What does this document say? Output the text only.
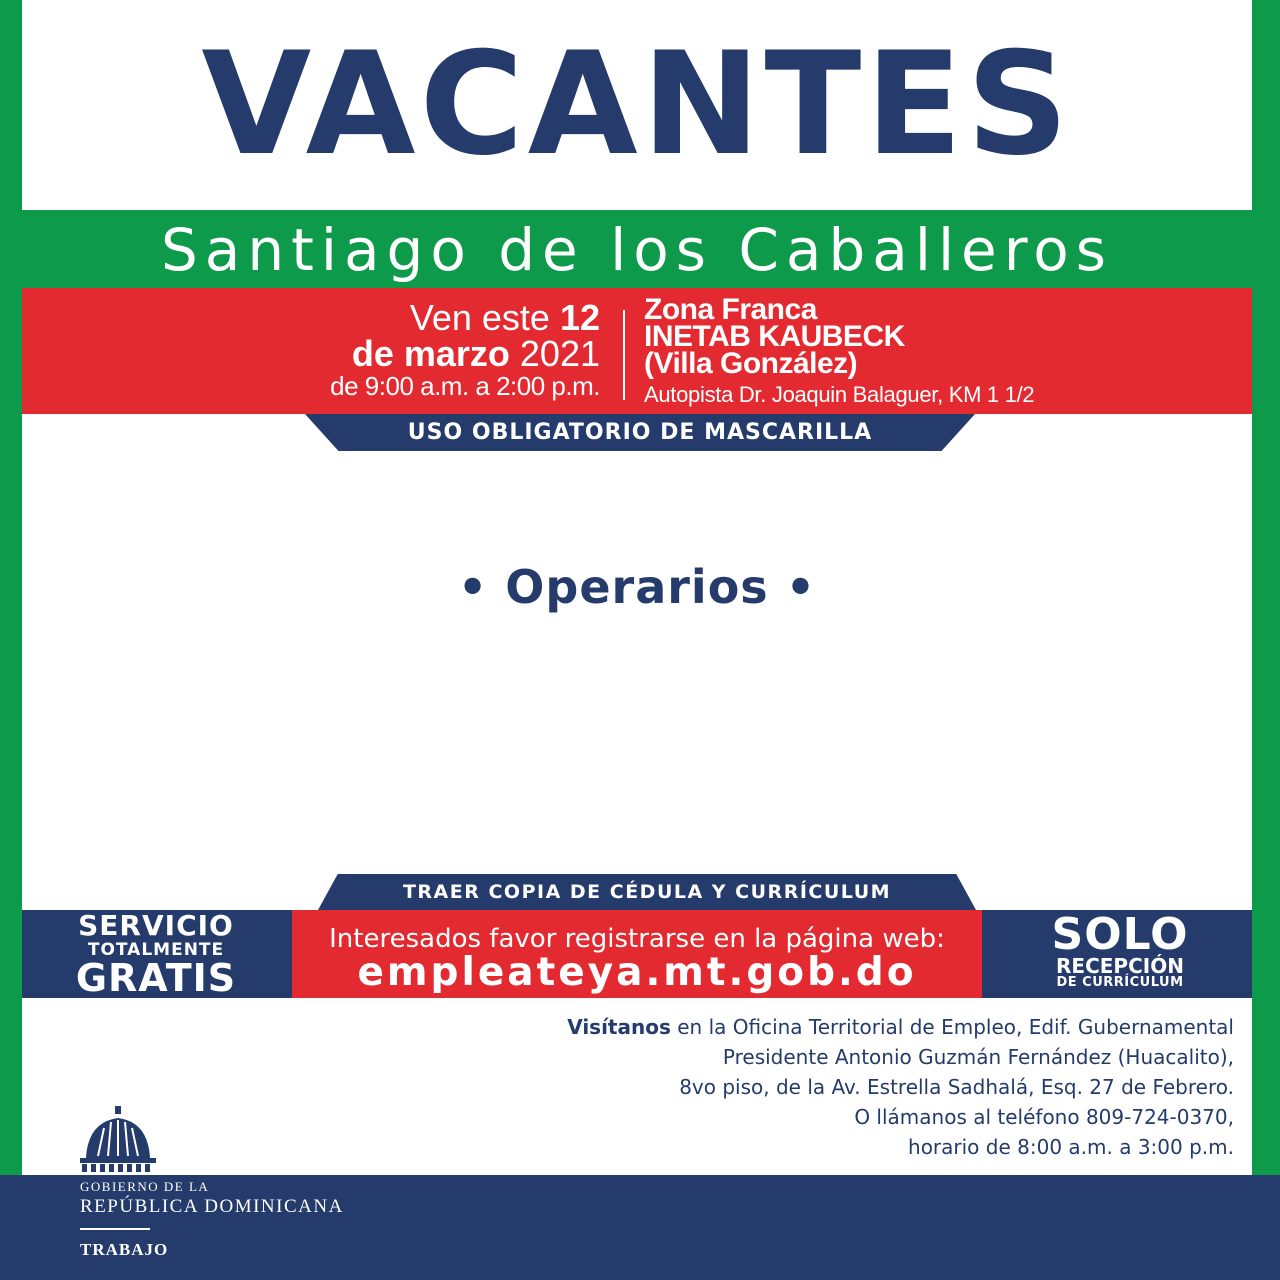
VACANTES
Santiago de los Caballeros
Ven este 12
de marzo 2021
de 9:00 a.m. a 2:00 p.m.
Zona Franca
INETAB KAUBECK
(Villa González)
Autopista Dr. Joaquin Balaguer, KM 1 1/2
USO OBLIGATORIO DE MASCARILLA
• Operarios •
TRAER COPIA DE CÉDULA Y CURRÍCULUM
SERVICIO
TOTALMENTE
GRATIS
Interesados favor registrarse en la página web:
empleateya.mt.gob.do
SOLO
RECEPCIÓN
DE CURRÍCULUM
Visítanos en la Oficina Territorial de Empleo, Edif. Gubernamental
Presidente Antonio Guzmán Fernández (Huacalito),
8vo piso, de la Av. Estrella Sadhalá, Esq. 27 de Febrero.
O llámanos al teléfono 809-724-0370,
horario de 8:00 a.m. a 3:00 p.m.
GOBIERNO DE LA
REPÚBLICA DOMINICANA
TRABAJO
